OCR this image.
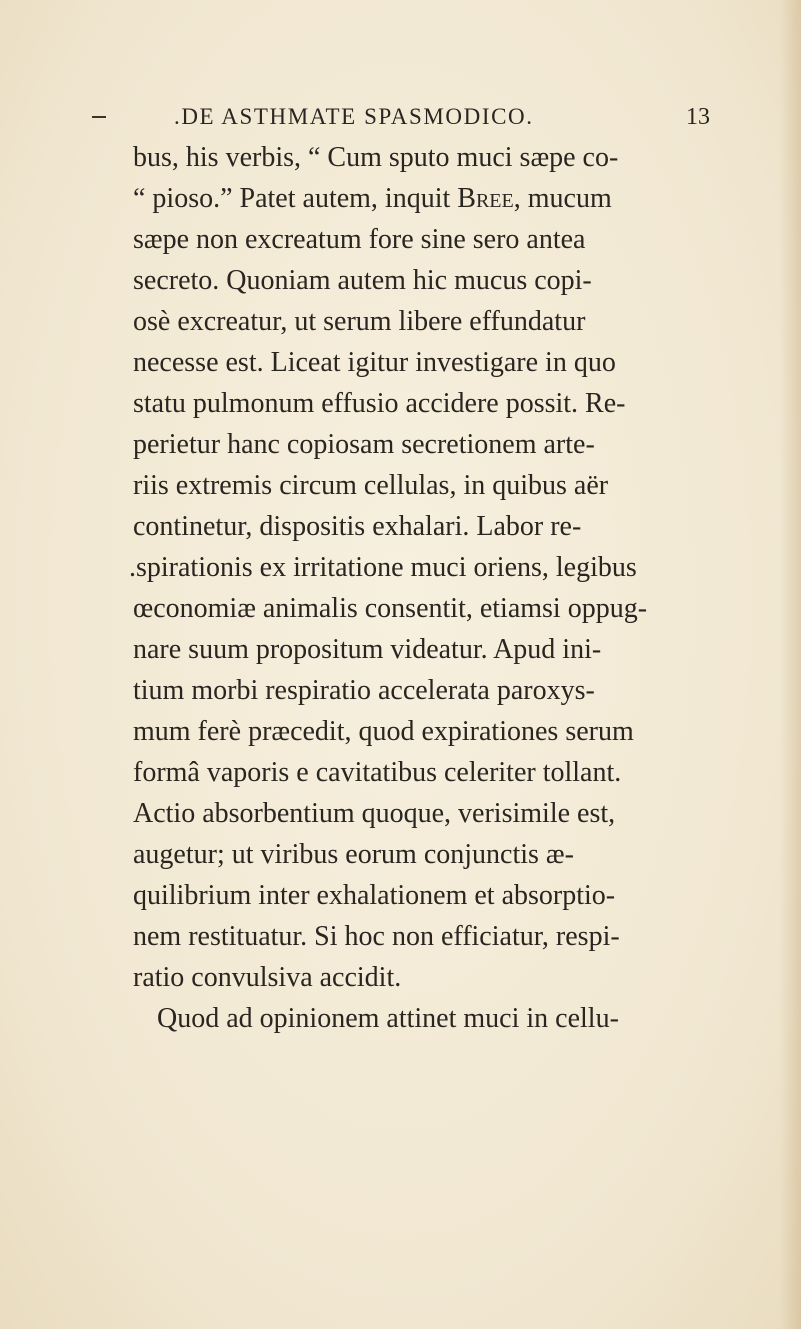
.DE ASTHMATE SPASMODICO.	13
bus, his verbis, “ Cum sputo muci sæpe co-
“ pioso.” Patet autem, inquit Bree, mucum
sæpe non excreatum fore sine sero antea
secreto. Quoniam autem hic mucus copi-
osè excreatur, ut serum libere effundatur
necesse est. Liceat igitur investigare in quo
statu pulmonum effusio accidere possit. Re-
perietur hanc copiosam secretionem arte-
riis extremis circum cellulas, in quibus aër
continetur, dispositis exhalari. Labor re-
.spirationis ex irritatione muci oriens, legibus
œconomiæ animalis consentit, etiamsi oppug-
nare suum propositum videatur. Apud ini-
tium morbi respiratio accelerata paroxys-
mum ferè præcedit, quod expirationes serum
formâ vaporis e cavitatibus celeriter tollant.
Actio absorbentium quoque, verisimile est,
augetur; ut viribus eorum conjunctis æ-
quilibrium inter exhalationem et absorptio-
nem restituatur. Si hoc non efficiatur, respi-
ratio convulsiva accidit.
Quod ad opinionem attinet muci in cellu-
